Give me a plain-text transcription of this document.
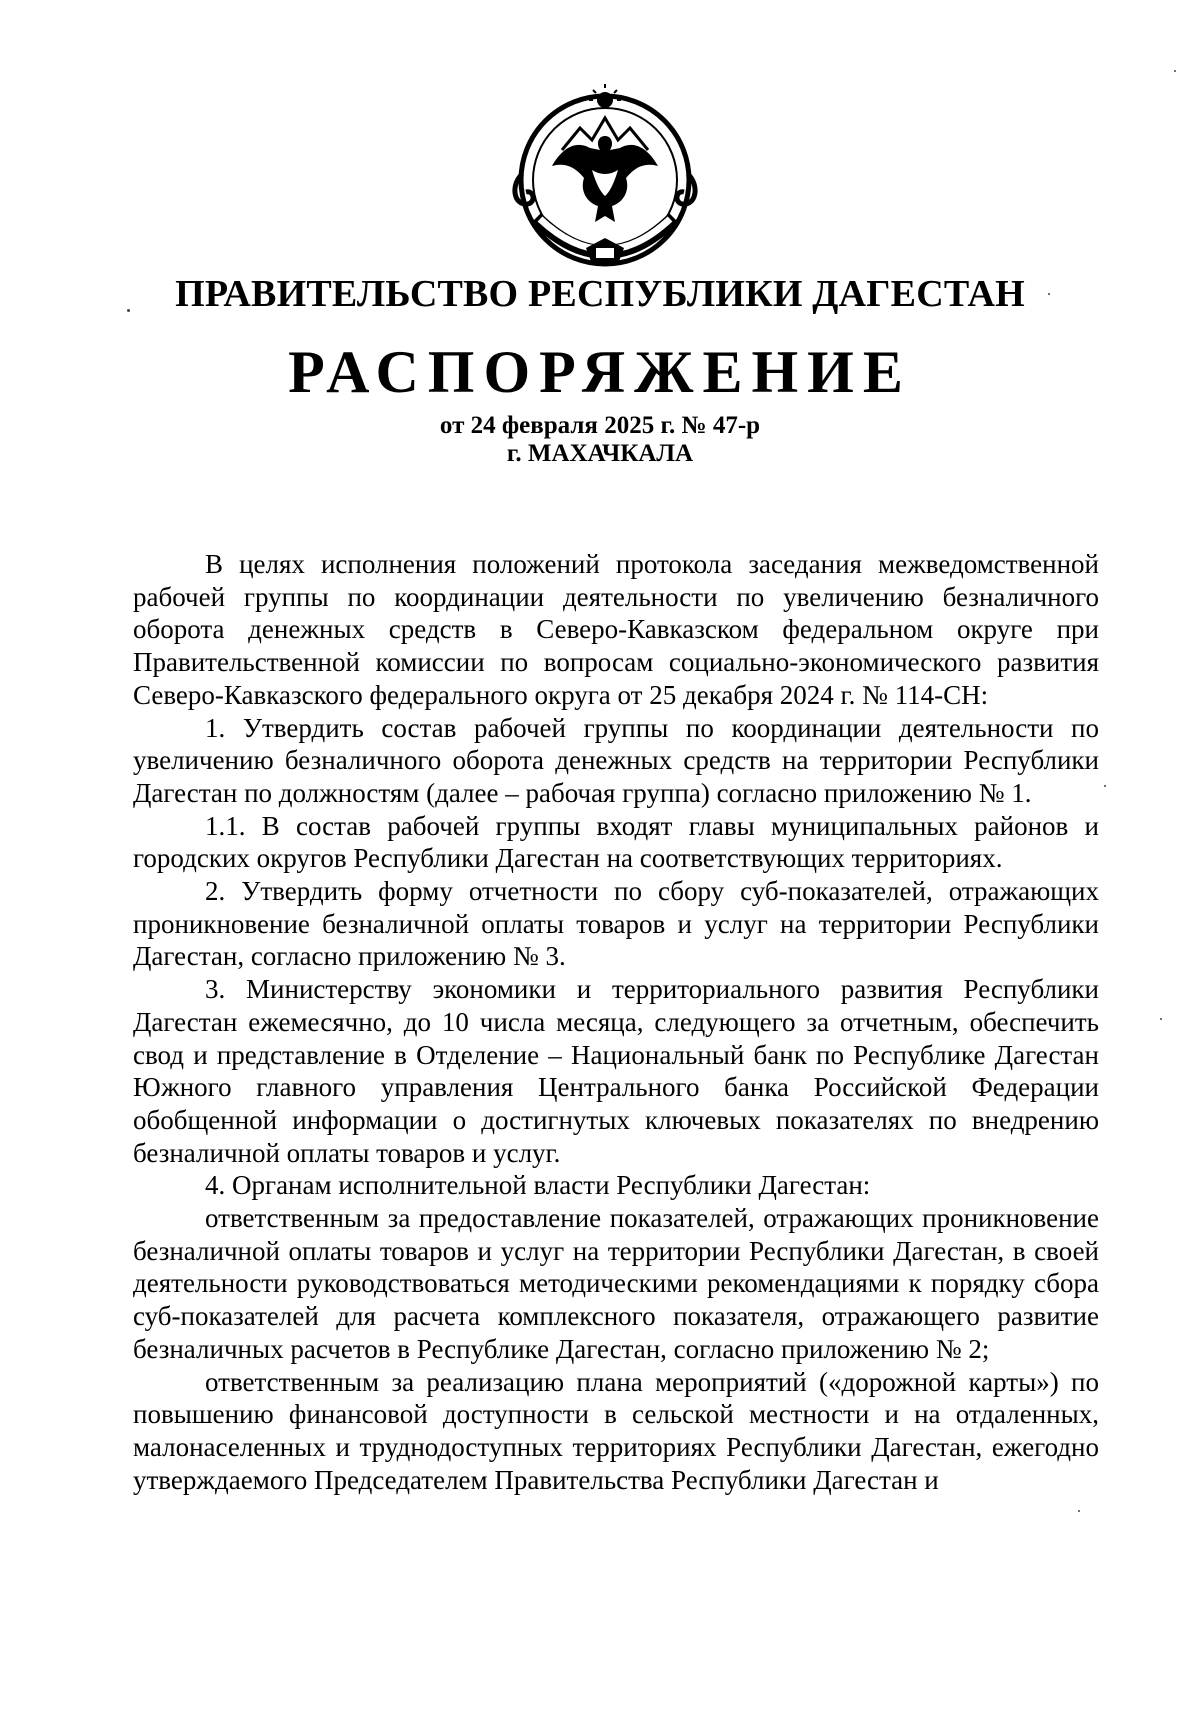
ПРАВИТЕЛЬСТВО РЕСПУБЛИКИ ДАГЕСТАН
РАСПОРЯЖЕНИЕ
от 24 февраля 2025 г. № 47-р
г. МАХАЧКАЛА

В целях исполнения положений протокола заседания межведомственной рабочей группы по координации деятельности по увеличению безналичного оборота денежных средств в Северо-Кавказском федеральном округе при Правительственной комиссии по вопросам социально-экономического развития Северо-Кавказского федерального округа от 25 декабря 2024 г. № 114-СН:

1. Утвердить состав рабочей группы по координации деятельности по увеличению безналичного оборота денежных средств на территории Республики Дагестан по должностям (далее – рабочая группа) согласно приложению № 1.

1.1. В состав рабочей группы входят главы муниципальных районов и городских округов Республики Дагестан на соответствующих территориях.

2. Утвердить форму отчетности по сбору суб-показателей, отражающих проникновение безналичной оплаты товаров и услуг на территории Республики Дагестан, согласно приложению № 3.

3. Министерству экономики и территориального развития Республики Дагестан ежемесячно, до 10 числа месяца, следующего за отчетным, обеспечить свод и представление в Отделение – Национальный банк по Республике Дагестан Южного главного управления Центрального банка Российской Федерации обобщенной информации о достигнутых ключевых показателях по внедрению безналичной оплаты товаров и услуг.

4. Органам исполнительной власти Республики Дагестан:

ответственным за предоставление показателей, отражающих проникновение безналичной оплаты товаров и услуг на территории Республики Дагестан, в своей деятельности руководствоваться методическими рекомендациями к порядку сбора суб-показателей для расчета комплексного показателя, отражающего развитие безналичных расчетов в Республике Дагестан, согласно приложению № 2;

ответственным за реализацию плана мероприятий («дорожной карты») по повышению финансовой доступности в сельской местности и на отдаленных, малонаселенных и труднодоступных территориях Республики Дагестан, ежегодно утверждаемого Председателем Правительства Республики Дагестан и
